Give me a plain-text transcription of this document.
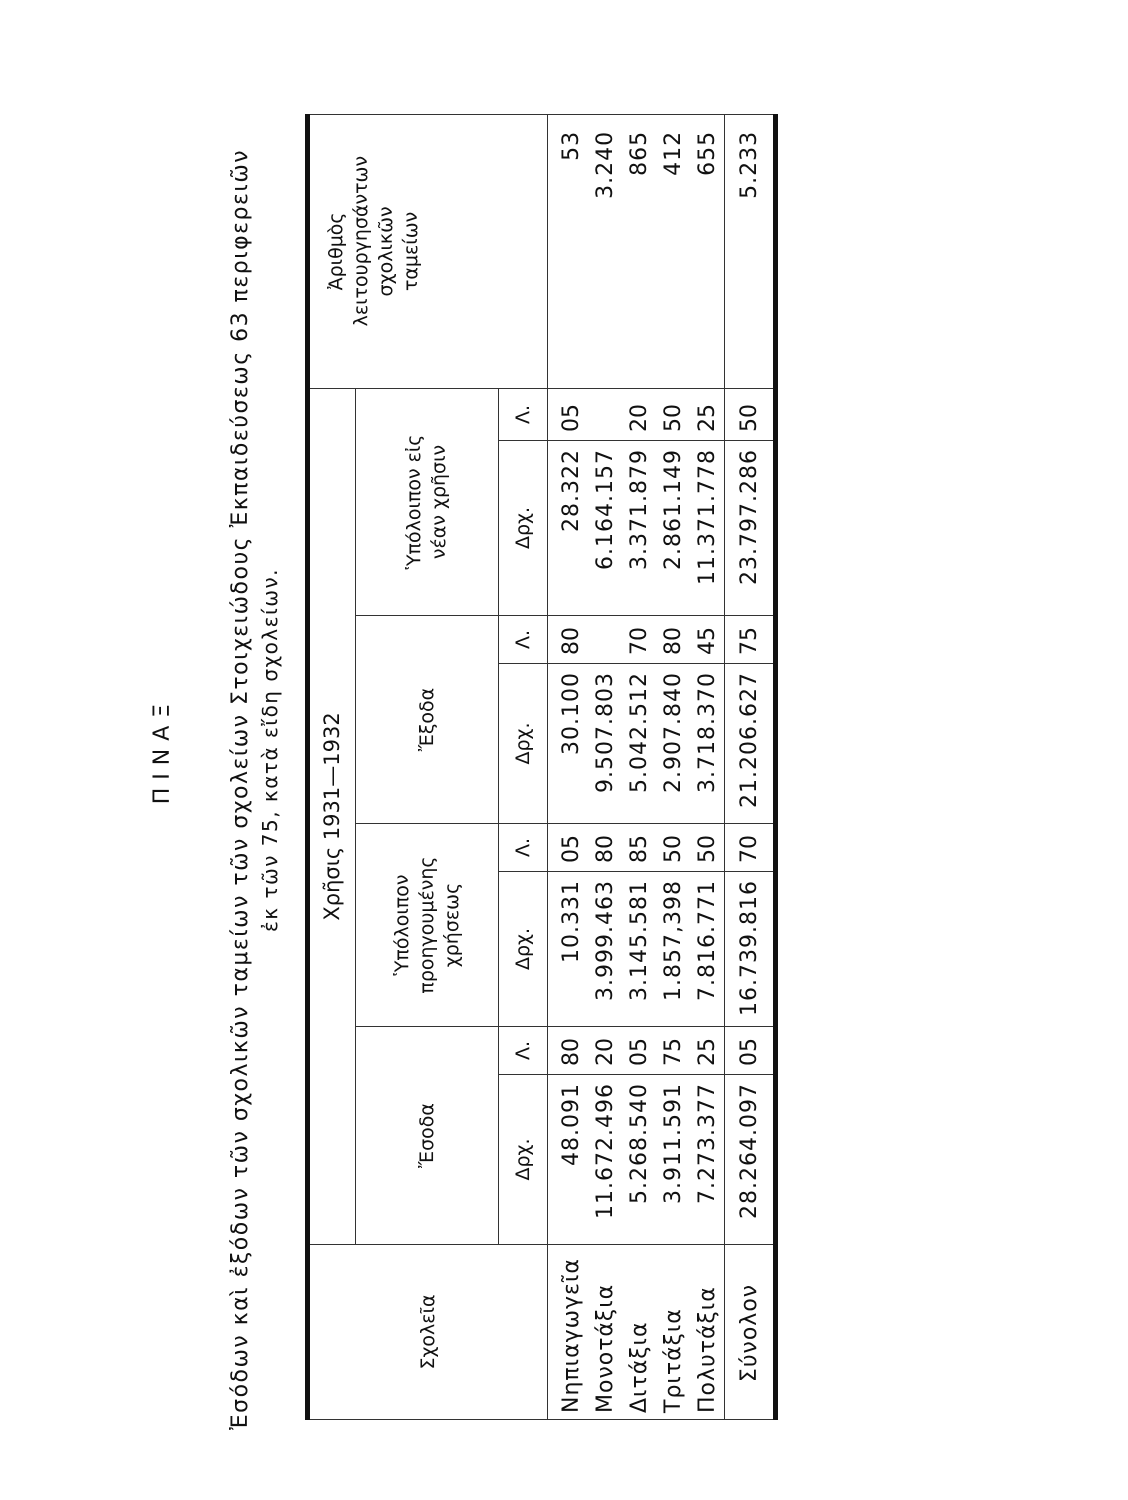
ΠΙΝΑΞ Ἐσόδων καὶ ἐξόδων τῶν σχολικῶν ταμείων τῶν σχολείων Στοιχειώδους Ἐκπαιδεύσεως 63 περιφερειῶν ἐκ τῶν 75, κατὰ εἴδη σχολείων.
Σχολεῖα	Χρῆσις 1931—1932								Ἀριθμὸς λειτουργησάντων σχολικῶν ταμείων

	Ἔσοδα		Ὑπόλοιπον προηγουμένης χρήσεως		Ἔξοδα		Ὑπόλοιπον εἰς νέαν χρῆσιν		

	Δρχ.	Λ.	Δρχ.	Λ.	Δρχ.	Λ.	Δρχ.	Λ.	
Νηπιαγωγεῖα	48.091	80	10.331	05	30.100	80	28.322	05	53
Μονοτάξια	11.672.496	20	3.999.463	80	9.507.803		6.164.157		3.240
Διτάξια	5.268.540	05	3.145.581	85	5.042.512	70	3.371.879	20	865
Τριτάξια	3.911.591	75	1.857,398	50	2.907.840	80	2.861.149	50	412
Πολυτάξια	7.273.377	25	7.816.771	50	3.718.370	45	11.371.778	25	655
Σύνολον	28.264.097	05	16.739.816	70	21.206.627	75	23.797.286	50	5.233
